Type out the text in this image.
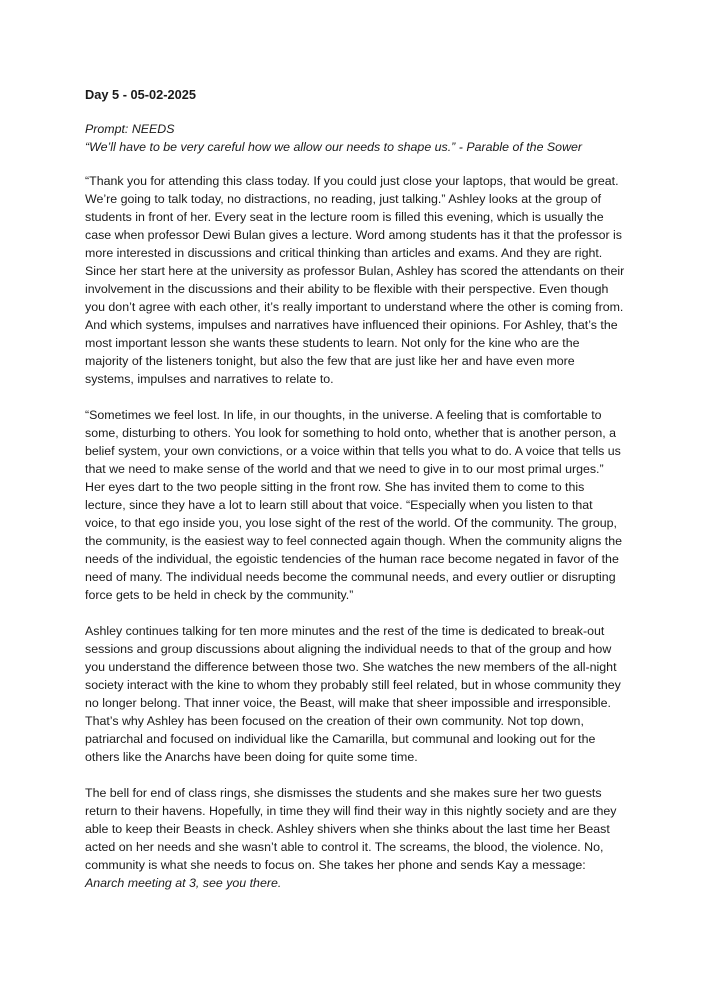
Day 5 - 05-02-2025
Prompt: NEEDS
“We’ll have to be very careful how we allow our needs to shape us.” - Parable of the Sower

“Thank you for attending this class today. If you could just close your laptops, that would be great. We’re going to talk today, no distractions, no reading, just talking.” Ashley looks at the group of students in front of her. Every seat in the lecture room is filled this evening, which is usually the case when professor Dewi Bulan gives a lecture. Word among students has it that the professor is more interested in discussions and critical thinking than articles and exams. And they are right. Since her start here at the university as professor Bulan, Ashley has scored the attendants on their involvement in the discussions and their ability to be flexible with their perspective. Even though you don’t agree with each other, it’s really important to understand where the other is coming from. And which systems, impulses and narratives have influenced their opinions. For Ashley, that’s the most important lesson she wants these students to learn. Not only for the kine who are the majority of the listeners tonight, but also the few that are just like her and have even more systems, impulses and narratives to relate to.

“Sometimes we feel lost. In life, in our thoughts, in the universe. A feeling that is comfortable to some, disturbing to others. You look for something to hold onto, whether that is another person, a belief system, your own convictions, or a voice within that tells you what to do. A voice that tells us that we need to make sense of the world and that we need to give in to our most primal urges.” Her eyes dart to the two people sitting in the front row. She has invited them to come to this lecture, since they have a lot to learn still about that voice. “Especially when you listen to that voice, to that ego inside you, you lose sight of the rest of the world. Of the community. The group, the community, is the easiest way to feel connected again though. When the community aligns the needs of the individual, the egoistic tendencies of the human race become negated in favor of the need of many. The individual needs become the communal needs, and every outlier or disrupting force gets to be held in check by the community.”

Ashley continues talking for ten more minutes and the rest of the time is dedicated to break-out sessions and group discussions about aligning the individual needs to that of the group and how you understand the difference between those two. She watches the new members of the all-night society interact with the kine to whom they probably still feel related, but in whose community they no longer belong. That inner voice, the Beast, will make that sheer impossible and irresponsible. That’s why Ashley has been focused on the creation of their own community. Not top down, patriarchal and focused on individual like the Camarilla, but communal and looking out for the others like the Anarchs have been doing for quite some time.

The bell for end of class rings, she dismisses the students and she makes sure her two guests return to their havens. Hopefully, in time they will find their way in this nightly society and are they able to keep their Beasts in check. Ashley shivers when she thinks about the last time her Beast acted on her needs and she wasn’t able to control it. The screams, the blood, the violence. No, community is what she needs to focus on. She takes her phone and sends Kay a message: Anarch meeting at 3, see you there.
